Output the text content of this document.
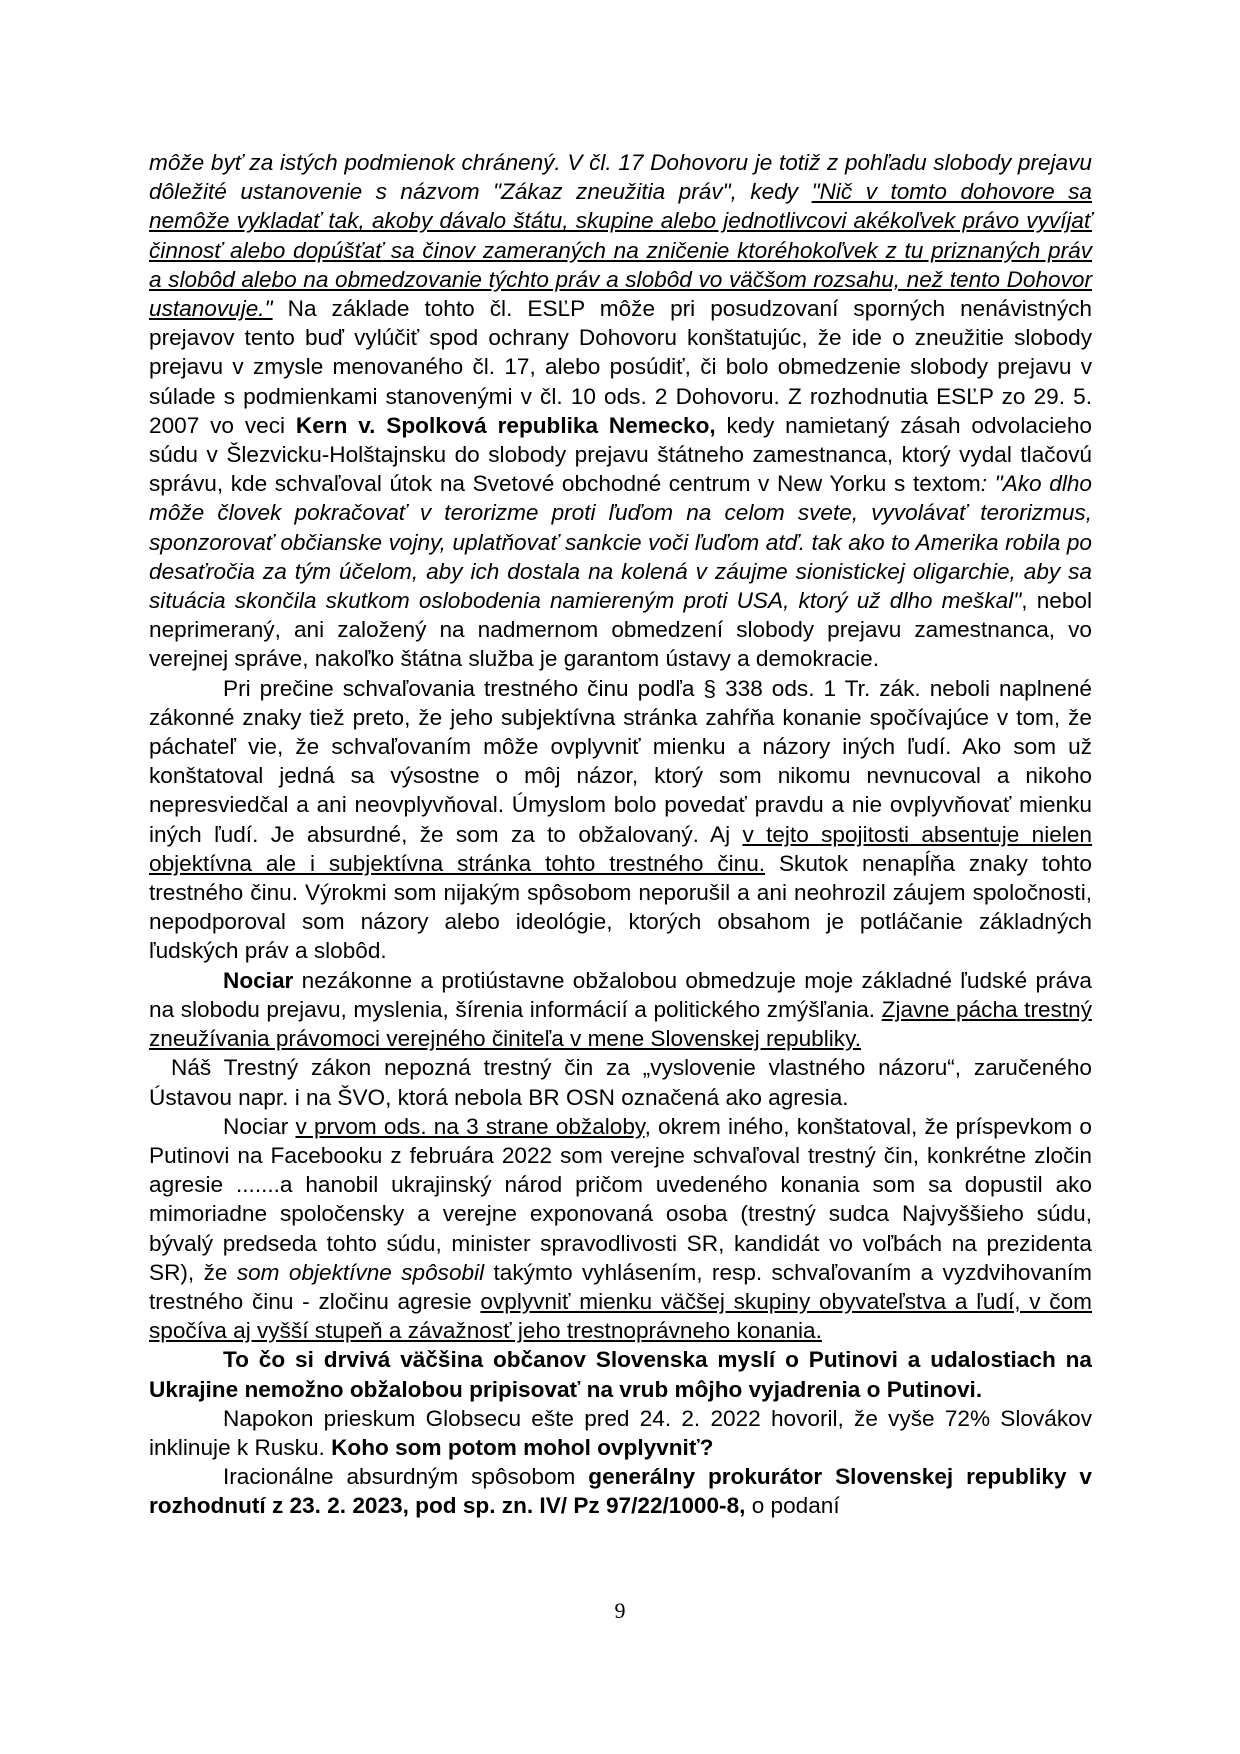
môže byť za istých podmienok chránený. V čl. 17 Dohovoru je totiž z pohľadu slobody prejavu dôležité ustanovenie s názvom "Zákaz zneužitia práv", kedy "Nič v tomto dohovore sa nemôže vykladať tak, akoby dávalo štátu, skupine alebo jednotlivcovi akékoľvek právo vyvíjať činnosť alebo dopúšťať sa činov zameraných na zničenie ktoréhokoľvek z tu priznaných práv a slobôd alebo na obmedzovanie týchto práv a slobôd vo väčšom rozsahu, než tento Dohovor ustanovuje." Na základe tohto čl. ESĽP môže pri posudzovaní sporných nenávistných prejavov tento buď vylúčiť spod ochrany Dohovoru konštatujúc, že ide o zneužitie slobody prejavu v zmysle menovaného čl. 17, alebo posúdiť, či bolo obmedzenie slobody prejavu v súlade s podmienkami stanovenými v čl. 10 ods. 2 Dohovoru. Z rozhodnutia ESĽP zo 29. 5. 2007 vo veci Kern v. Spolková republika Nemecko, kedy namietaný zásah odvolacieho súdu v Šlezvicku-Holštajnsku do slobody prejavu štátneho zamestnanca, ktorý vydal tlačovú správu, kde schvaľoval útok na Svetové obchodné centrum v New Yorku s textom: "Ako dlho môže človek pokračovať v terorizme proti ľuďom na celom svete, vyvolávať terorizmus, sponzorovať občianske vojny, uplatňovať sankcie voči ľuďom atď. tak ako to Amerika robila po desaťročia za tým účelom, aby ich dostala na kolená v záujme sionistickej oligarchie, aby sa situácia skončila skutkom oslobodenia namiereným proti USA, ktorý už dlho meškal", nebol neprimeraný, ani založený na nadmernom obmedzení slobody prejavu zamestnanca, vo verejnej správe, nakoľko štátna služba je garantom ústavy a demokracie.

Pri prečine schvaľovania trestného činu podľa § 338 ods. 1 Tr. zák. neboli naplnené zákonné znaky tiež preto, že jeho subjektívna stránka zahŕňa konanie spočívajúce v tom, že páchateľ vie, že schvaľovaním môže ovplyvniť mienku a názory iných ľudí. Ako som už konštatoval jedná sa výsostne o môj názor, ktorý som nikomu nevnucoval a nikoho nepresviedčal a ani neovplyvňoval. Úmyslom bolo povedať pravdu a nie ovplyvňovať mienku iných ľudí. Je absurdné, že som za to obžalovaný. Aj v tejto spojitosti absentuje nielen objektívna ale i subjektívna stránka tohto trestného činu. Skutok nenapĺňa znaky tohto trestného činu. Výrokmi som nijakým spôsobom neporušil a ani neohrozil záujem spoločnosti, nepodporoval som názory alebo ideológie, ktorých obsahom je potláčanie základných ľudských práv a slobôd.

Nociar nezákonne a protiústavne obžalobou obmedzuje moje základné ľudské práva na slobodu prejavu, myslenia, šírenia informácií a politického zmýšľania. Zjavne pácha trestný zneužívania právomoci verejného činiteľa v mene Slovenskej republiky.

Náš Trestný zákon nepozná trestný čin za „vyslovenie vlastného názoru“, zaručeného Ústavou napr. i na ŠVO, ktorá nebola BR OSN označená ako agresia.

Nociar v prvom ods. na 3 strane obžaloby, okrem iného, konštatoval, že príspevkom o Putinovi na Facebooku z februára 2022 som verejne schvaľoval trestný čin, konkrétne zločin agresie .......a hanobil ukrajinský národ pričom uvedeného konania som sa dopustil ako mimoriadne spoločensky a verejne exponovaná osoba (trestný sudca Najvyššieho súdu, bývalý predseda tohto súdu, minister spravodlivosti SR, kandidát vo voľbách na prezidenta SR), že som objektívne spôsobil takýmto vyhlásením, resp. schvaľovaním a vyzdvihovaním trestného činu - zločinu agresie ovplyvniť mienku väčšej skupiny obyvateľstva a ľudí, v čom spočíva aj vyšší stupeň a závažnosť jeho trestnoprávneho konania.

To čo si drvivá väčšina občanov Slovenska myslí o Putinovi a udalostiach na Ukrajine nemožno obžalobou pripisovať na vrub môjho vyjadrenia o Putinovi.

Napokon prieskum Globsecu ešte pred 24. 2. 2022 hovoril, že vyše 72% Slovákov inklinuje k Rusku. Koho som potom mohol ovplyvniť?

Iracionálne absurdným spôsobom generálny prokurátor Slovenskej republiky v rozhodnutí z 23. 2. 2023, pod sp. zn. IV/ Pz 97/22/1000-8, o podaní

9
